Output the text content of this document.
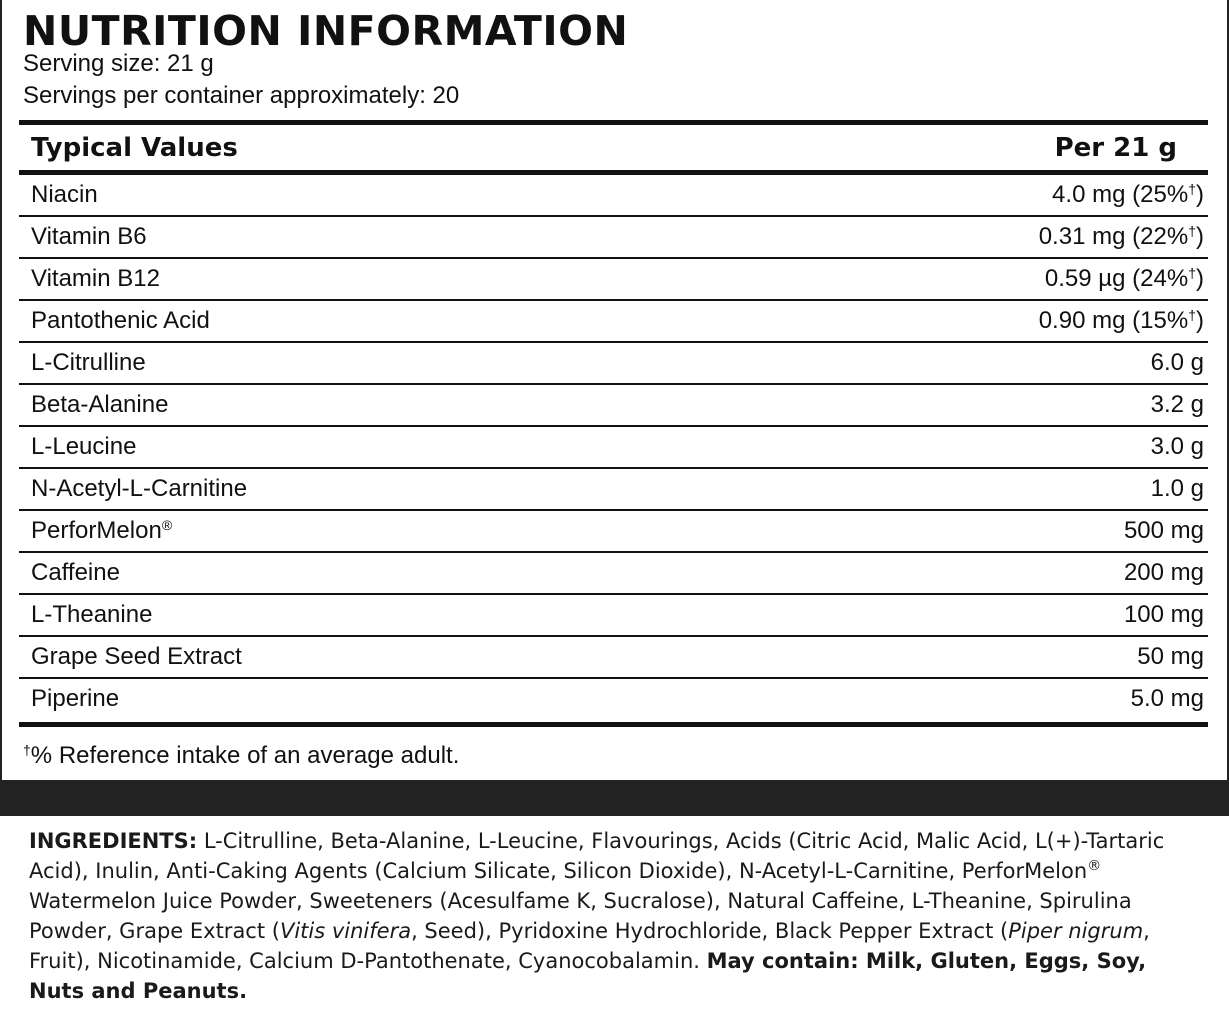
NUTRITION INFORMATION
Serving size: 21 g
Servings per container approximately: 20
Typical Values	Per 21 g
Niacin	4.0 mg (25%†)
Vitamin B6	0.31 mg (22%†)
Vitamin B12	0.59 µg (24%†)
Pantothenic Acid	0.90 mg (15%†)
L-Citrulline	6.0 g
Beta-Alanine	3.2 g
L-Leucine	3.0 g
N-Acetyl-L-Carnitine	1.0 g
PerforMelon®	500 mg
Caffeine	200 mg
L-Theanine	100 mg
Grape Seed Extract	50 mg
Piperine	5.0 mg
†% Reference intake of an average adult.

INGREDIENTS: L-Citrulline, Beta-Alanine, L-Leucine, Flavourings, Acids (Citric Acid, Malic Acid, L(+)-Tartaric Acid), Inulin, Anti-Caking Agents (Calcium Silicate, Silicon Dioxide), N-Acetyl-L-Carnitine, PerforMelon® Watermelon Juice Powder, Sweeteners (Acesulfame K, Sucralose), Natural Caffeine, L-Theanine, Spirulina Powder, Grape Extract (Vitis vinifera, Seed), Pyridoxine Hydrochloride, Black Pepper Extract (Piper nigrum, Fruit), Nicotinamide, Calcium D-Pantothenate, Cyanocobalamin. May contain: Milk, Gluten, Eggs, Soy, Nuts and Peanuts.
